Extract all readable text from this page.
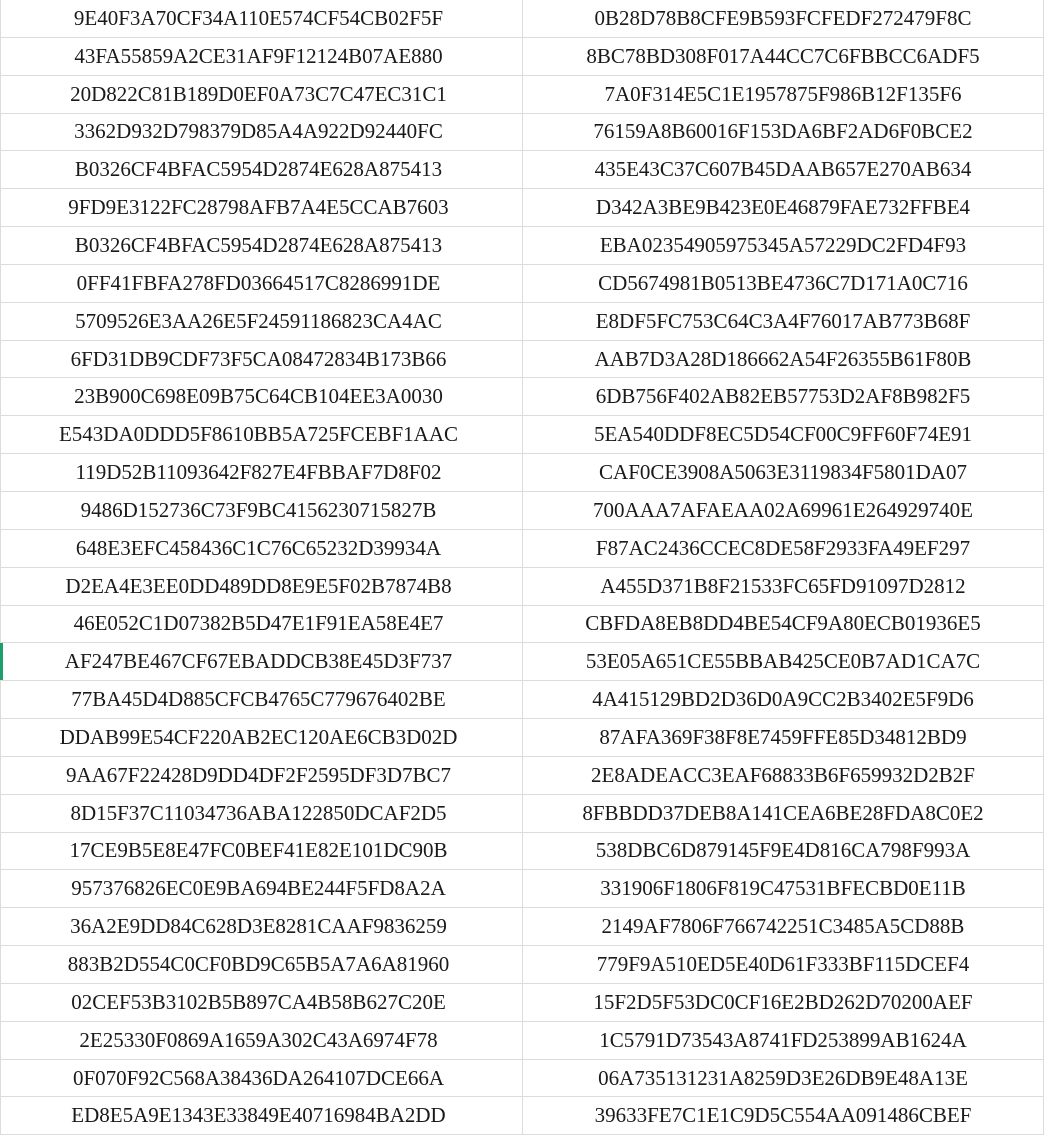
9E40F3A70CF34A110E574CF54CB02F5F	0B28D78B8CFE9B593FCFEDF272479F8C
43FA55859A2CE31AF9F12124B07AE880	8BC78BD308F017A44CC7C6FBBCC6ADF5
20D822C81B189D0EF0A73C7C47EC31C1	7A0F314E5C1E1957875F986B12F135F6
3362D932D798379D85A4A922D92440FC	76159A8B60016F153DA6BF2AD6F0BCE2
B0326CF4BFAC5954D2874E628A875413	435E43C37C607B45DAAB657E270AB634
9FD9E3122FC28798AFB7A4E5CCAB7603	D342A3BE9B423E0E46879FAE732FFBE4
B0326CF4BFAC5954D2874E628A875413	EBA02354905975345A57229DC2FD4F93
0FF41FBFA278FD03664517C8286991DE	CD5674981B0513BE4736C7D171A0C716
5709526E3AA26E5F24591186823CA4AC	E8DF5FC753C64C3A4F76017AB773B68F
6FD31DB9CDF73F5CA08472834B173B66	AAB7D3A28D186662A54F26355B61F80B
23B900C698E09B75C64CB104EE3A0030	6DB756F402AB82EB57753D2AF8B982F5
E543DA0DDD5F8610BB5A725FCEBF1AAC	5EA540DDF8EC5D54CF00C9FF60F74E91
119D52B11093642F827E4FBBAF7D8F02	CAF0CE3908A5063E3119834F5801DA07
9486D152736C73F9BC4156230715827B	700AAA7AFAEAA02A69961E264929740E
648E3EFC458436C1C76C65232D39934A	F87AC2436CCEC8DE58F2933FA49EF297
D2EA4E3EE0DD489DD8E9E5F02B7874B8	A455D371B8F21533FC65FD91097D2812
46E052C1D07382B5D47E1F91EA58E4E7	CBFDA8EB8DD4BE54CF9A80ECB01936E5
AF247BE467CF67EBADDCB38E45D3F737	53E05A651CE55BBAB425CE0B7AD1CA7C
77BA45D4D885CFCB4765C779676402BE	4A415129BD2D36D0A9CC2B3402E5F9D6
DDAB99E54CF220AB2EC120AE6CB3D02D	87AFA369F38F8E7459FFE85D34812BD9
9AA67F22428D9DD4DF2F2595DF3D7BC7	2E8ADEACC3EAF68833B6F659932D2B2F
8D15F37C11034736ABA122850DCAF2D5	8FBBDD37DEB8A141CEA6BE28FDA8C0E2
17CE9B5E8E47FC0BEF41E82E101DC90B	538DBC6D879145F9E4D816CA798F993A
957376826EC0E9BA694BE244F5FD8A2A	331906F1806F819C47531BFECBD0E11B
36A2E9DD84C628D3E8281CAAF9836259	2149AF7806F766742251C3485A5CD88B
883B2D554C0CF0BD9C65B5A7A6A81960	779F9A510ED5E40D61F333BF115DCEF4
02CEF53B3102B5B897CA4B58B627C20E	15F2D5F53DC0CF16E2BD262D70200AEF
2E25330F0869A1659A302C43A6974F78	1C5791D73543A8741FD253899AB1624A
0F070F92C568A38436DA264107DCE66A	06A735131231A8259D3E26DB9E48A13E
ED8E5A9E1343E33849E40716984BA2DD	39633FE7C1E1C9D5C554AA091486CBEF
